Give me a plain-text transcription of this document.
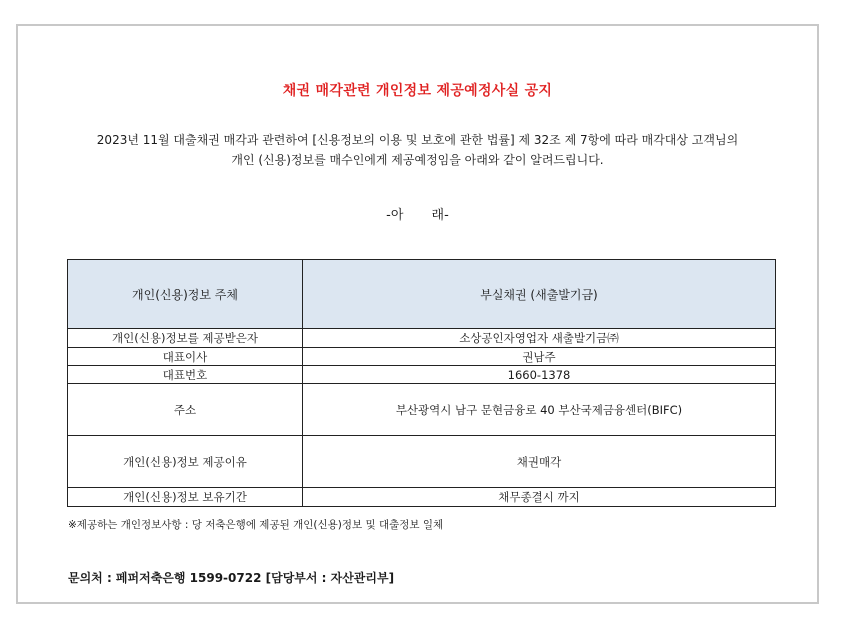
채권 매각관련 개인정보 제공예정사실 공지
2023년 11월 대출채권 매각과 관련하여 [신용정보의 이용 및 보호에 관한 법률] 제 32조 제 7항에 따라 매각대상 고객님의
개인 (신용)정보를 매수인에게 제공예정임을 아래와 같이 알려드립니다.
-아 래-
개인(신용)정보 주체	부실채권 (새출발기금)
개인(신용)정보를 제공받은자	소상공인자영업자 새출발기금㈜
대표이사	권남주
대표번호	1660-1378
주소	부산광역시 남구 문현금융로 40 부산국제금융센터(BIFC)
개인(신용)정보 제공이유	채권매각
개인(신용)정보 보유기간	채무종결시 까지
※제공하는 개인정보사항 : 당 저축은행에 제공된 개인(신용)정보 및 대출정보 일체
문의처 : 페퍼저축은행 1599-0722 [담당부서 : 자산관리부]
